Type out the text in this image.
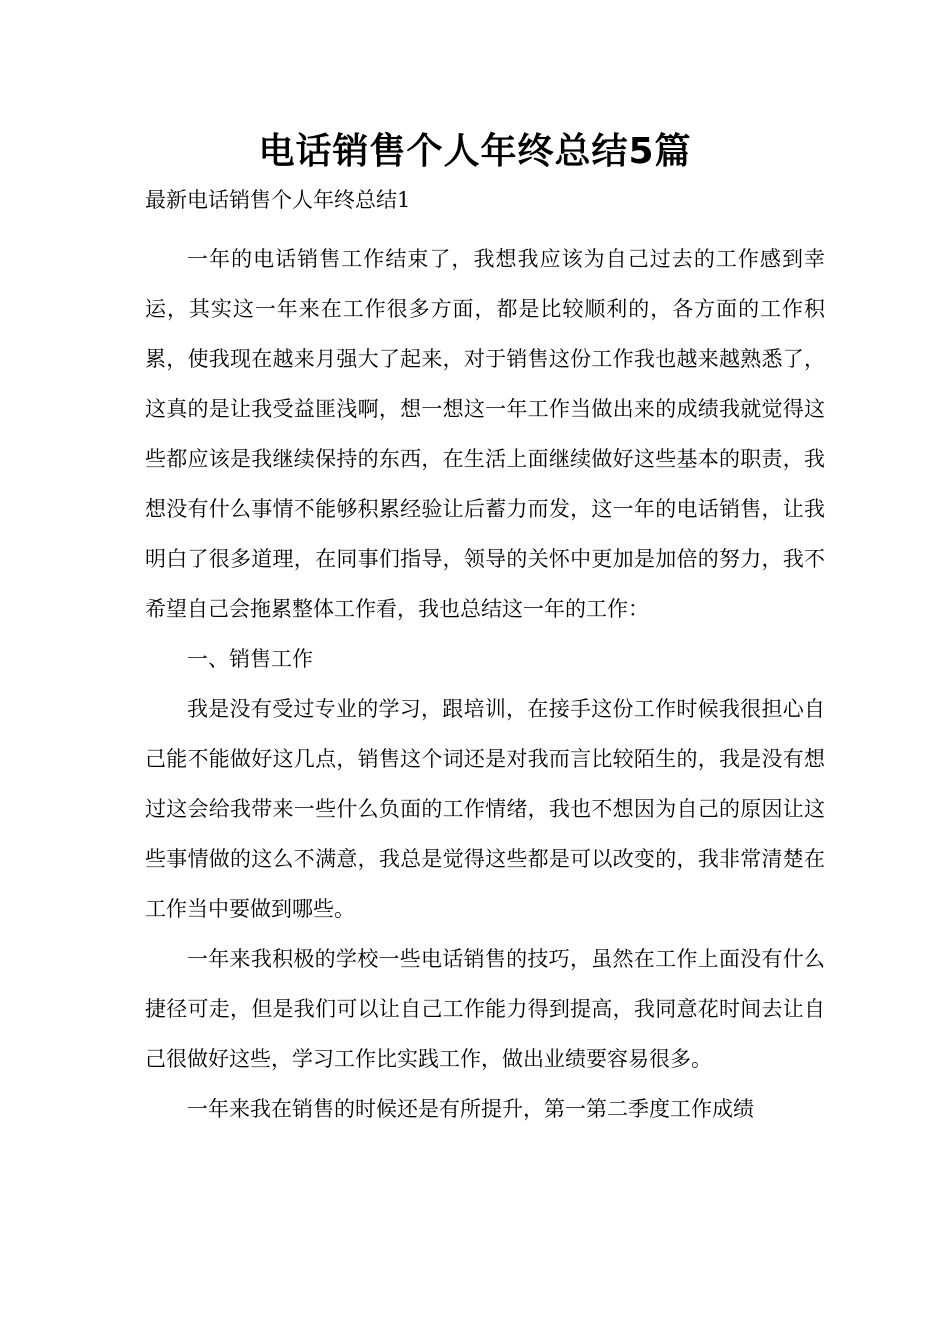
电话销售个人年终总结5篇
最新电话销售个人年终总结1

一年的电话销售工作结束了，我想我应该为自己过去的工作感到幸运，其实这一年来在工作很多方面，都是比较顺利的，各方面的工作积累，使我现在越来月强大了起来，对于销售这份工作我也越来越熟悉了，这真的是让我受益匪浅啊，想一想这一年工作当做出来的成绩我就觉得这些都应该是我继续保持的东西，在生活上面继续做好这些基本的职责，我想没有什么事情不能够积累经验让后蓄力而发，这一年的电话销售，让我明白了很多道理，在同事们指导，领导的关怀中更加是加倍的努力，我不希望自己会拖累整体工作看，我也总结这一年的工作：

一、销售工作

我是没有受过专业的学习，跟培训，在接手这份工作时候我很担心自己能不能做好这几点，销售这个词还是对我而言比较陌生的，我是没有想过这会给我带来一些什么负面的工作情绪，我也不想因为自己的原因让这些事情做的这么不满意，我总是觉得这些都是可以改变的，我非常清楚在工作当中要做到哪些。

一年来我积极的学校一些电话销售的技巧，虽然在工作上面没有什么捷径可走，但是我们可以让自己工作能力得到提高，我同意花时间去让自己很做好这些，学习工作比实践工作，做出业绩要容易很多。

一年来我在销售的时候还是有所提升，第一第二季度工作成绩
